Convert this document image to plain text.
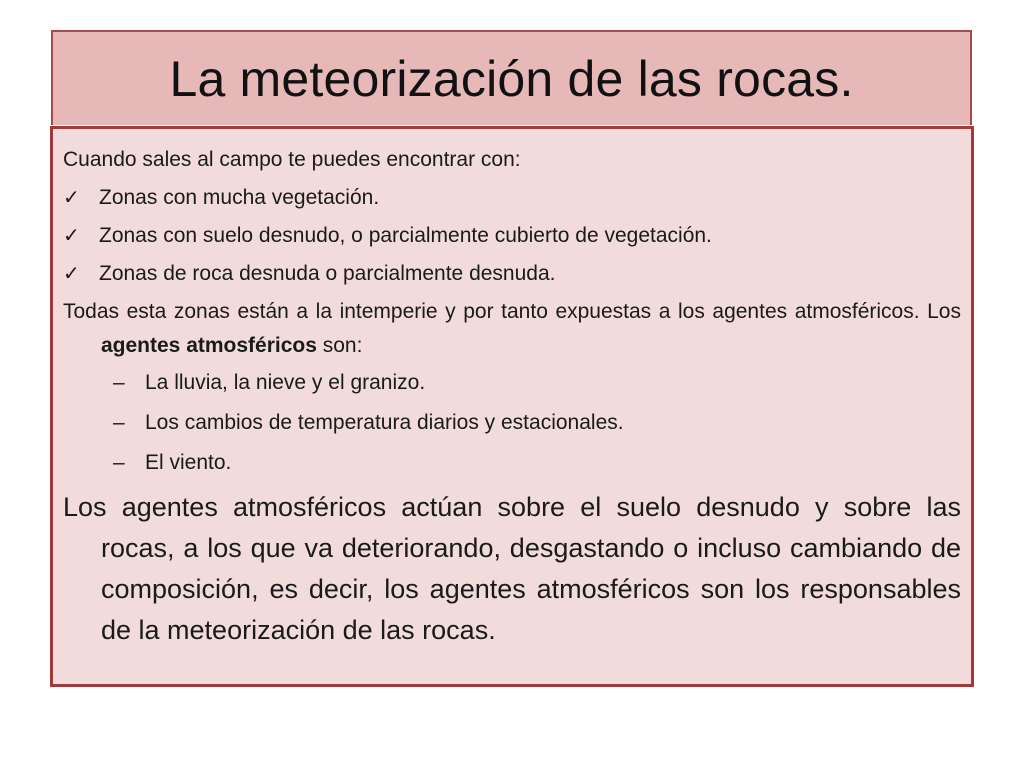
La meteorización de las rocas.
Cuando sales al campo te puedes encontrar con:
✓ Zonas con mucha vegetación.
✓ Zonas con suelo desnudo, o parcialmente cubierto de vegetación.
✓ Zonas de roca desnuda o parcialmente desnuda.

Todas esta zonas están a la intemperie y por tanto expuestas a los agentes atmosféricos. Los agentes atmosféricos son:

– La lluvia, la nieve y el granizo.
– Los cambios de temperatura diarios y estacionales.
– El viento.

Los agentes atmosféricos actúan sobre el suelo desnudo y sobre las rocas, a los que va deteriorando, desgastando o incluso cambiando de composición, es decir, los agentes atmosféricos son los responsables de la meteorización de las rocas.
